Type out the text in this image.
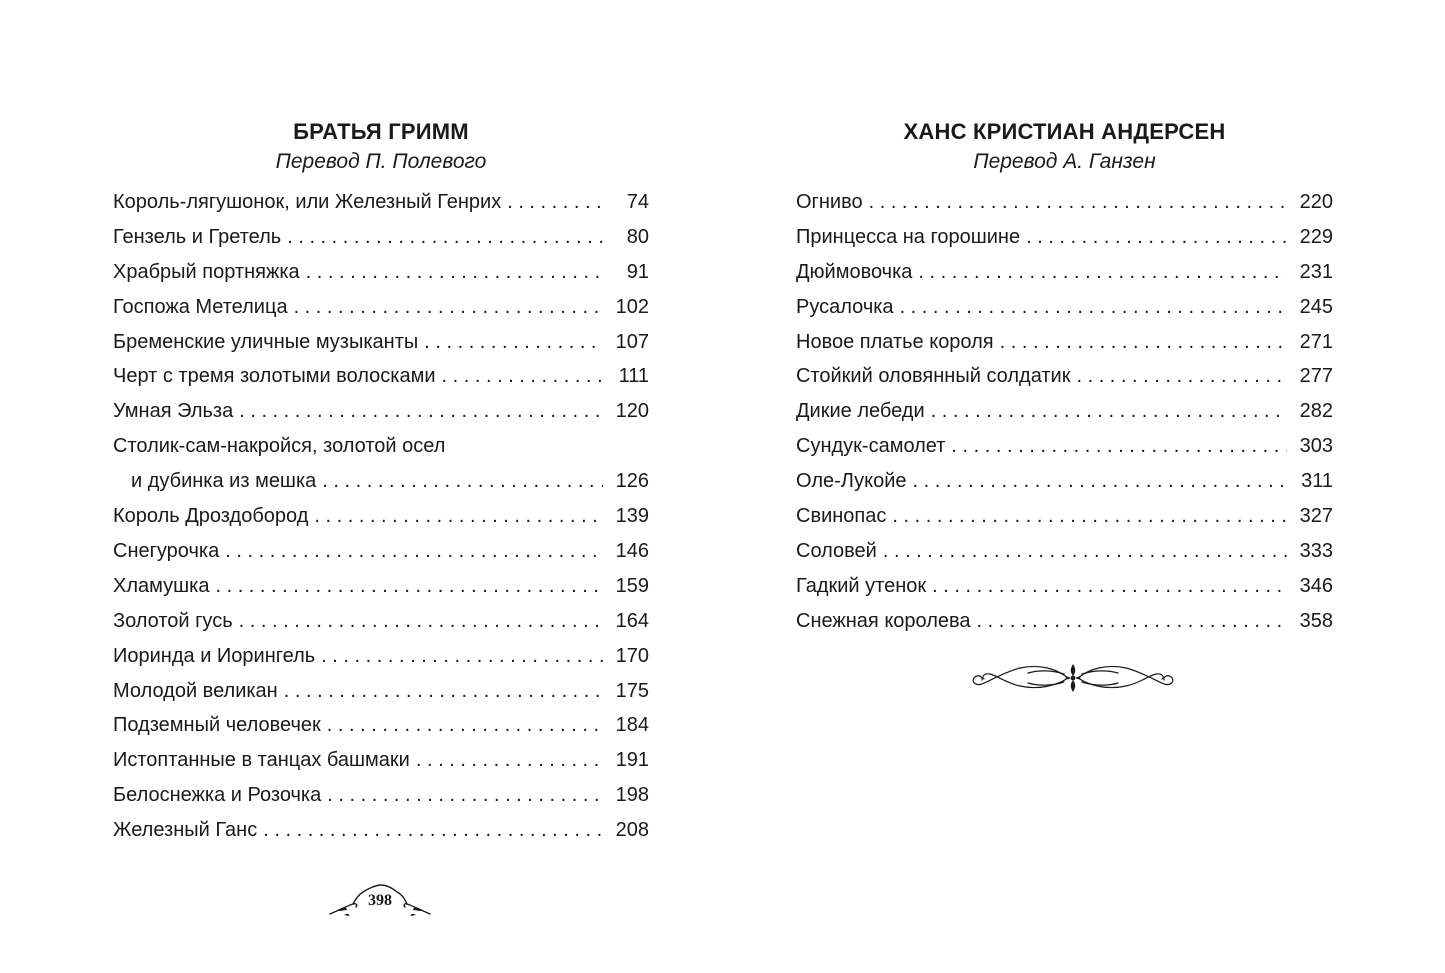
БРАТЬЯ ГРИММ
Перевод П. Полевого
Король-лягушонок, или Железный Генрих . . .	74
Гензель и Гретель . . .	80
Храбрый портняжка . . .	91
Госпожа Метелица . . .	102
Бременские уличные музыканты . . .	107
Черт с тремя золотыми волосками . . .	111
Умная Эльза . . .	120
Столик-сам-накройся, золотой осел
и дубинка из мешка . . .	126
Король Дроздобород . . .	139
Снегурочка . . .	146
Хламушка . . .	159
Золотой гусь . . .	164
Иоринда и Иорингель . . .	170
Молодой великан . . .	175
Подземный человечек . . .	184
Истоптанные в танцах башмаки . . .	191
Белоснежка и Розочка . . .	198
Железный Ганс . . .	208
398
ХАНС КРИСТИАН АНДЕРСЕН
Перевод А. Ганзен
Огниво . . .	220
Принцесса на горошине . . .	229
Дюймовочка . . .	231
Русалочка . . .	245
Новое платье короля . . .	271
Стойкий оловянный солдатик . . .	277
Дикие лебеди . . .	282
Сундук-самолет . . .	303
Оле-Лукойе . . .	311
Свинопас . . .	327
Соловей . . .	333
Гадкий утенок . . .	346
Снежная королева . . .	358
